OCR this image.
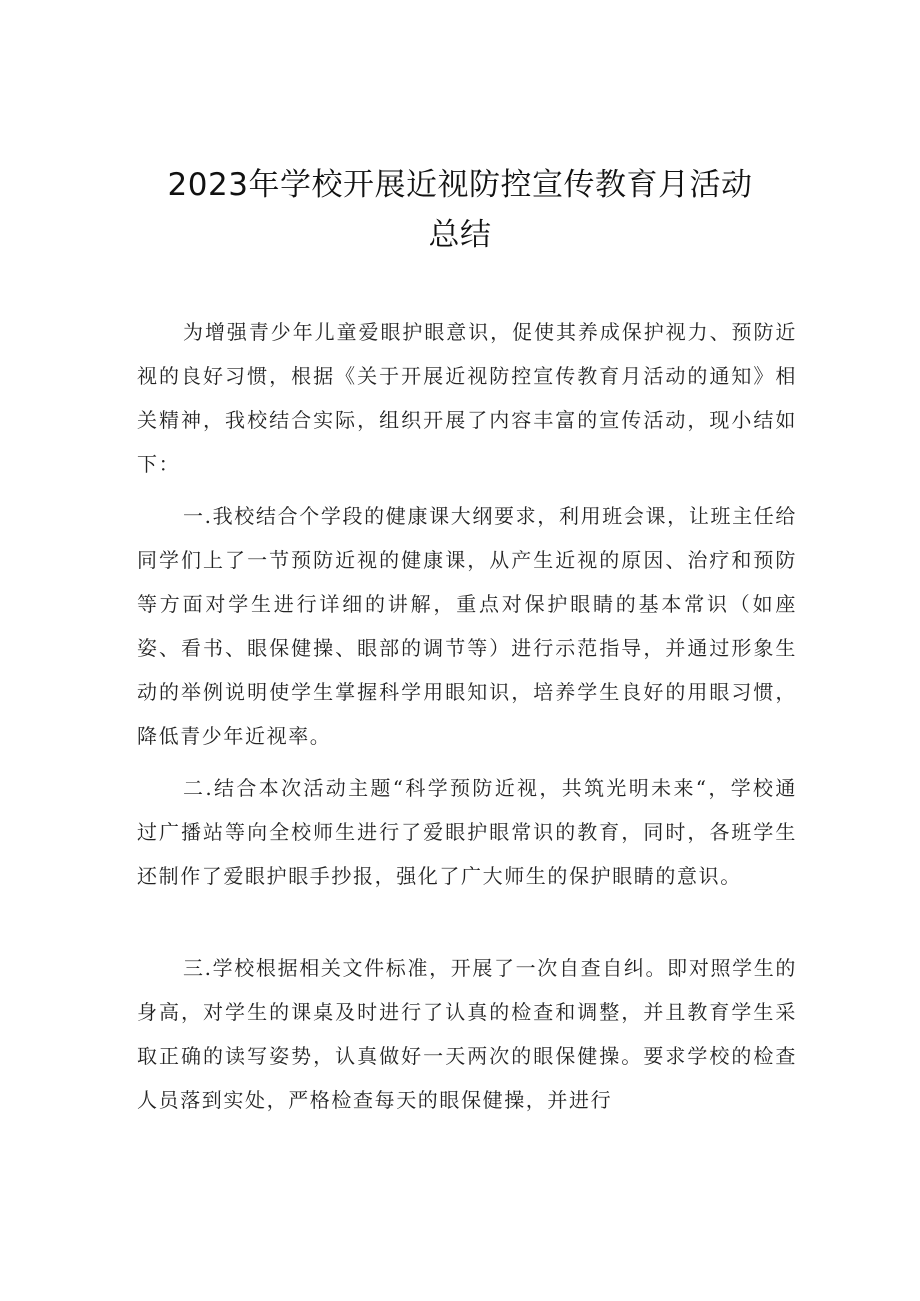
2023年学校开展近视防控宣传教育月活动
总结

为增强青少年儿童爱眼护眼意识，促使其养成保护视力、预防近视的良好习惯，根据《关于开展近视防控宣传教育月活动的通知》相关精神，我校结合实际，组织开展了内容丰富的宣传活动，现小结如下：

一.我校结合个学段的健康课大纲要求，利用班会课，让班主任给同学们上了一节预防近视的健康课，从产生近视的原因、治疗和预防等方面对学生进行详细的讲解，重点对保护眼睛的基本常识（如座姿、看书、眼保健操、眼部的调节等）进行示范指导，并通过形象生动的举例说明使学生掌握科学用眼知识，培养学生良好的用眼习惯，降低青少年近视率。

二.结合本次活动主题“科学预防近视，共筑光明未来“，学校通过广播站等向全校师生进行了爱眼护眼常识的教育，同时，各班学生还制作了爱眼护眼手抄报，强化了广大师生的保护眼睛的意识。

三.学校根据相关文件标准，开展了一次自查自纠。即对照学生的身高，对学生的课桌及时进行了认真的检查和调整，并且教育学生采取正确的读写姿势，认真做好一天两次的眼保健操。要求学校的检查人员落到实处，严格检查每天的眼保健操，并进行
